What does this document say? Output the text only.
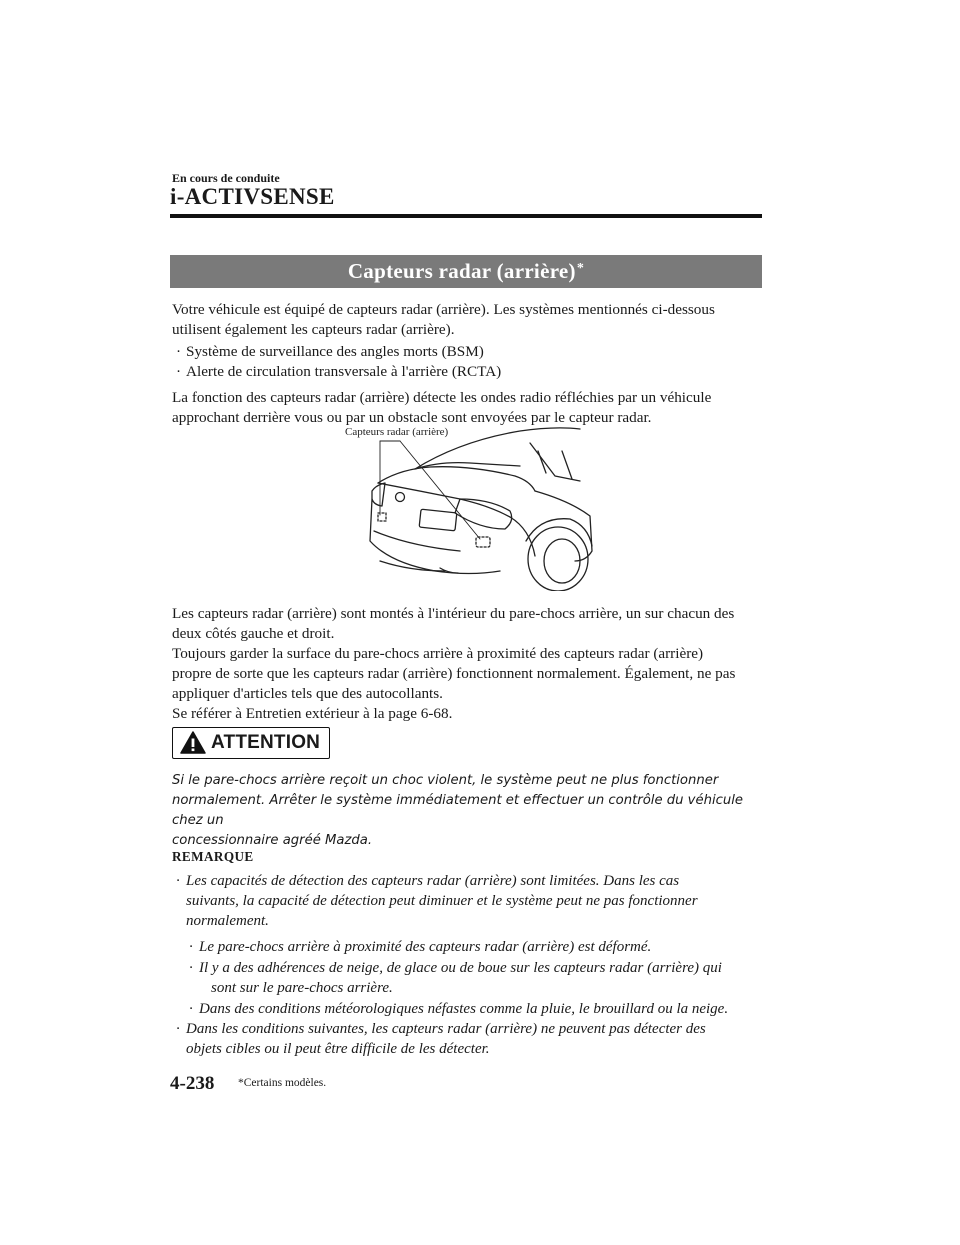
En cours de conduite
i-ACTIVSENSE
Capteurs radar (arrière)*
Votre véhicule est équipé de capteurs radar (arrière). Les systèmes mentionnés ci-dessous
utilisent également les capteurs radar (arrière).
· Système de surveillance des angles morts (BSM)
· Alerte de circulation transversale à l'arrière (RCTA)
La fonction des capteurs radar (arrière) détecte les ondes radio réfléchies par un véhicule
approchant derrière vous ou par un obstacle sont envoyées par le capteur radar.
Capteurs radar (arrière)
Les capteurs radar (arrière) sont montés à l'intérieur du pare-chocs arrière, un sur chacun des
deux côtés gauche et droit.
Toujours garder la surface du pare-chocs arrière à proximité des capteurs radar (arrière)
propre de sorte que les capteurs radar (arrière) fonctionnent normalement. Également, ne pas
appliquer d'articles tels que des autocollants.
Se référer à Entretien extérieur à la page 6-68.
ATTENTION
Si le pare-chocs arrière reçoit un choc violent, le système peut ne plus fonctionner
normalement. Arrêter le système immédiatement et effectuer un contrôle du véhicule chez un
concessionnaire agréé Mazda.
REMARQUE
· Les capacités de détection des capteurs radar (arrière) sont limitées. Dans les cas
suivants, la capacité de détection peut diminuer et le système peut ne pas fonctionner
normalement.
· Le pare-chocs arrière à proximité des capteurs radar (arrière) est déformé.
· Il y a des adhérences de neige, de glace ou de boue sur les capteurs radar (arrière) qui
sont sur le pare-chocs arrière.
· Dans des conditions météorologiques néfastes comme la pluie, le brouillard ou la neige.
· Dans les conditions suivantes, les capteurs radar (arrière) ne peuvent pas détecter des
objets cibles ou il peut être difficile de les détecter.
4-238 *Certains modèles.
